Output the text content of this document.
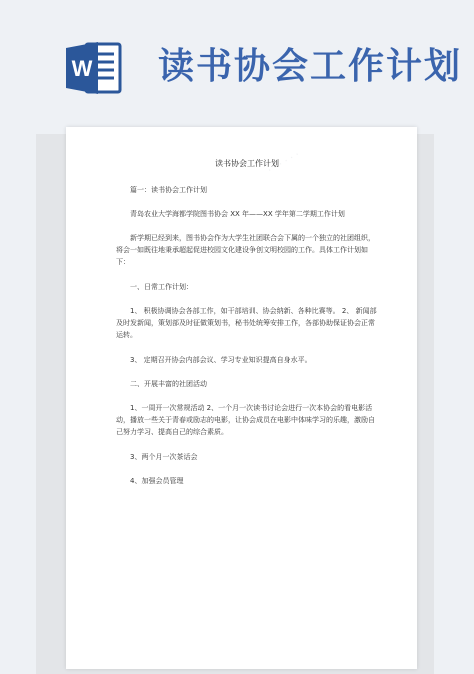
W 读书协会工作计划
· · · · · ·
读书协会工作计划

篇一：读书协会工作计划

青岛农业大学海都学院图书协会 XX 年——XX 学年第二学期工作计划

新学期已经到来，图书协会作为大学生社团联合会下属的一个独立的社团组织，将会一如既往地秉承超起促进校园文化建设争创文明校园的工作。具体工作计划如下：

一、日常工作计划：

1、 积极协调协会各部工作，如干部培训、协会纳新、各种比赛等。 2、 新闻部及时发新闻，策划部及时征做策划书，秘书处统筹安排工作，各部协助保证协会正常运转。

3、 定期召开协会内部会议、学习专业知识提高自身水平。

二、开展丰富的社团活动

1、一周开一次常规活动 2、一个月一次读书讨论会进行一次本协会的看电影活动，播放一些关于青春或励志的电影，让协会成员在电影中体味学习的乐趣，激励自己努力学习、提高自己的综合素质。

3、两个月一次茶话会

4、加强会员管理
